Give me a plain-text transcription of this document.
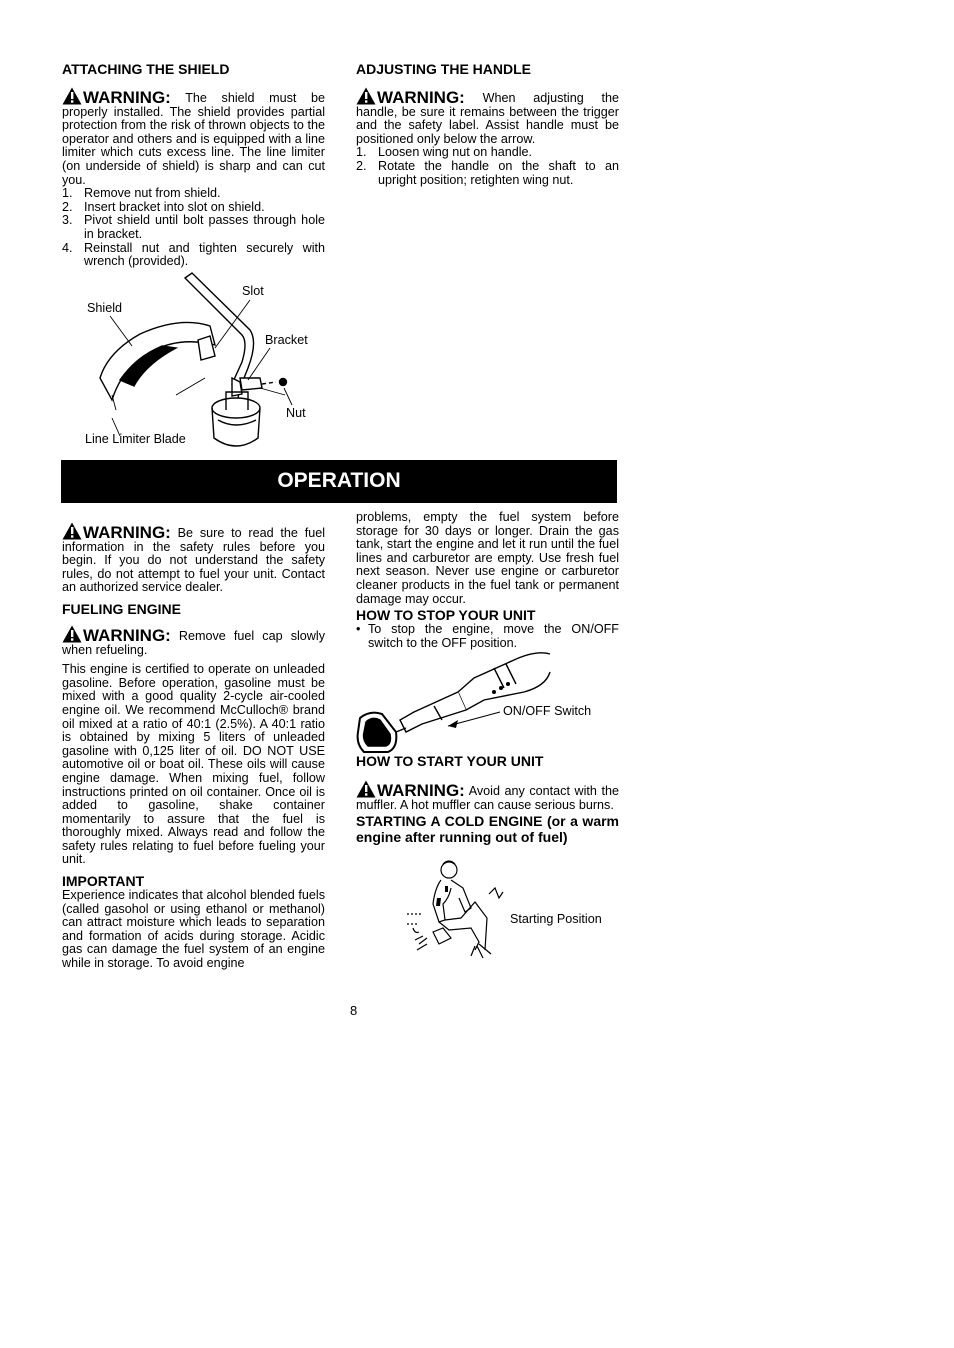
ATTACHING THE SHIELD

WARNING: The shield must be properly installed. The shield provides partial protection from the risk of thrown objects to the operator and others and is equipped with a line limiter which cuts excess line. The line limiter (on underside of shield) is sharp and can cut you.

1. Remove nut from shield.
2. Insert bracket into slot on shield.
3. Pivot shield until bolt passes through hole in bracket.
4. Reinstall nut and tighten securely with wrench (provided).
Shield
Slot
Bracket
Nut
Line Limiter Blade
ADJUSTING THE HANDLE

WARNING: When adjusting the handle, be sure it remains between the trigger and the safety label. Assist handle must be positioned only below the arrow.

1. Loosen wing nut on handle.
2. Rotate the handle on the shaft to an upright position; retighten wing nut.
OPERATION

WARNING: Be sure to read the fuel information in the safety rules before you begin. If you do not understand the safety rules, do not attempt to fuel your unit. Contact an authorized service dealer.

FUELING ENGINE

WARNING: Remove fuel cap slowly when refueling.

This engine is certified to operate on unleaded gasoline. Before operation, gasoline must be mixed with a good quality 2-cycle air-cooled engine oil. We recommend McCulloch® brand oil mixed at a ratio of 40:1 (2.5%). A 40:1 ratio is obtained by mixing 5 liters of unleaded gasoline with 0,125 liter of oil. DO NOT USE automotive oil or boat oil. These oils will cause engine damage. When mixing fuel, follow instructions printed on oil container. Once oil is added to gasoline, shake container momentarily to assure that the fuel is thoroughly mixed. Always read and follow the safety rules relating to fuel before fueling your unit.

IMPORTANT

Experience indicates that alcohol blended fuels (called gasohol or using ethanol or methanol) can attract moisture which leads to separation and formation of acids during storage. Acidic gas can damage the fuel system of an engine while in storage. To avoid engine

problems, empty the fuel system before storage for 30 days or longer. Drain the gas tank, start the engine and let it run until the fuel lines and carburetor are empty. Use fresh fuel next season. Never use engine or carburetor cleaner products in the fuel tank or permanent damage may occur.

HOW TO STOP YOUR UNIT
• To stop the engine, move the ON/OFF switch to the OFF position.
ON/OFF Switch
HOW TO START YOUR UNIT

WARNING: Avoid any contact with the muffler. A hot muffler can cause serious burns.

STARTING A COLD ENGINE (or a warm engine after running out of fuel)

Starting Position
8
